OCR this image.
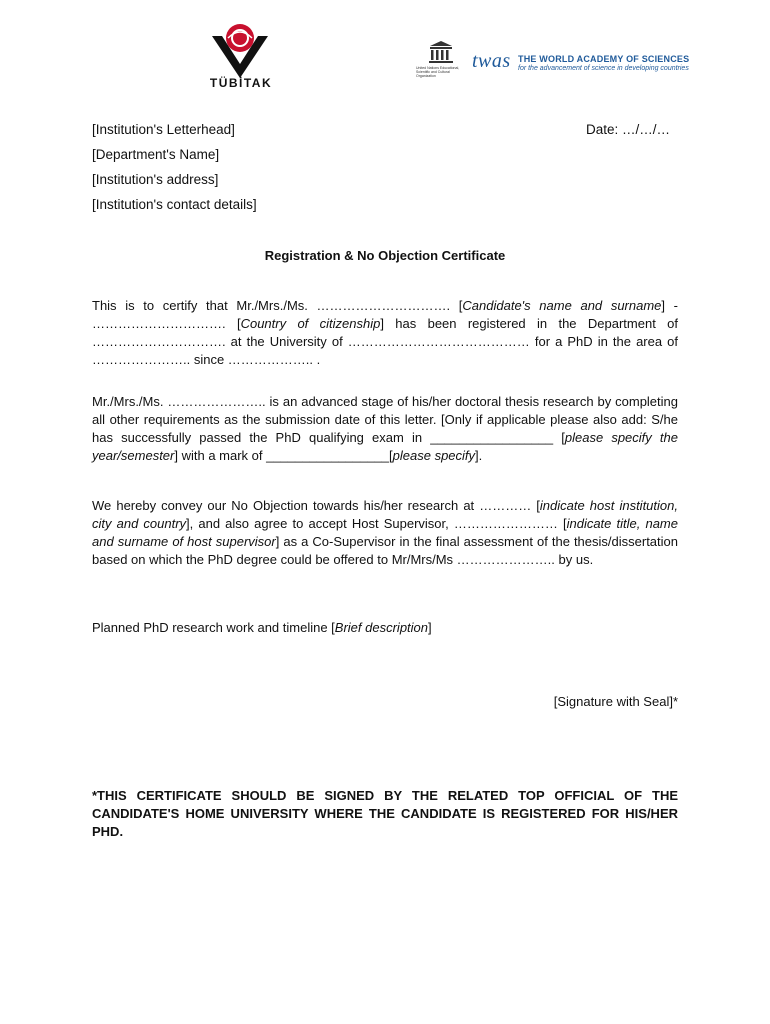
TÜBİTAK
United Nations Educational, Scientific and Cultural Organization
twas THE WORLD ACADEMY OF SCIENCES
for the advancement of science in developing countries
[Institution's Letterhead]
[Department's Name]
[Institution's address]
[Institution's contact details]
Date: …/…/…
Registration & No Objection Certificate
This is to certify that Mr./Mrs./Ms. …………………………. [Candidate's name and surname] - …………………………. [Country of citizenship] has been registered in the Department of …………………………. at the University of …………………………………… for a PhD in the area of ………………….. since ……………….. .
Mr./Mrs./Ms. ………………….. is an advanced stage of his/her doctoral thesis research by completing all other requirements as the submission date of this letter. [Only if applicable please also add: S/he has successfully passed the PhD qualifying exam in _________________ [please specify the year/semester] with a mark of _________________[please specify].
We hereby convey our No Objection towards his/her research at ………… [indicate host institution, city and country], and also agree to accept Host Supervisor, …………………… [indicate title, name and surname of host supervisor] as a Co-Supervisor in the final assessment of the thesis/dissertation based on which the PhD degree could be offered to Mr/Mrs/Ms ………………….. by us.
Planned PhD research work and timeline [Brief description]
[Signature with Seal]*
*THIS CERTIFICATE SHOULD BE SIGNED BY THE RELATED TOP OFFICIAL OF THE CANDIDATE'S HOME UNIVERSITY WHERE THE CANDIDATE IS REGISTERED FOR HIS/HER PHD.
